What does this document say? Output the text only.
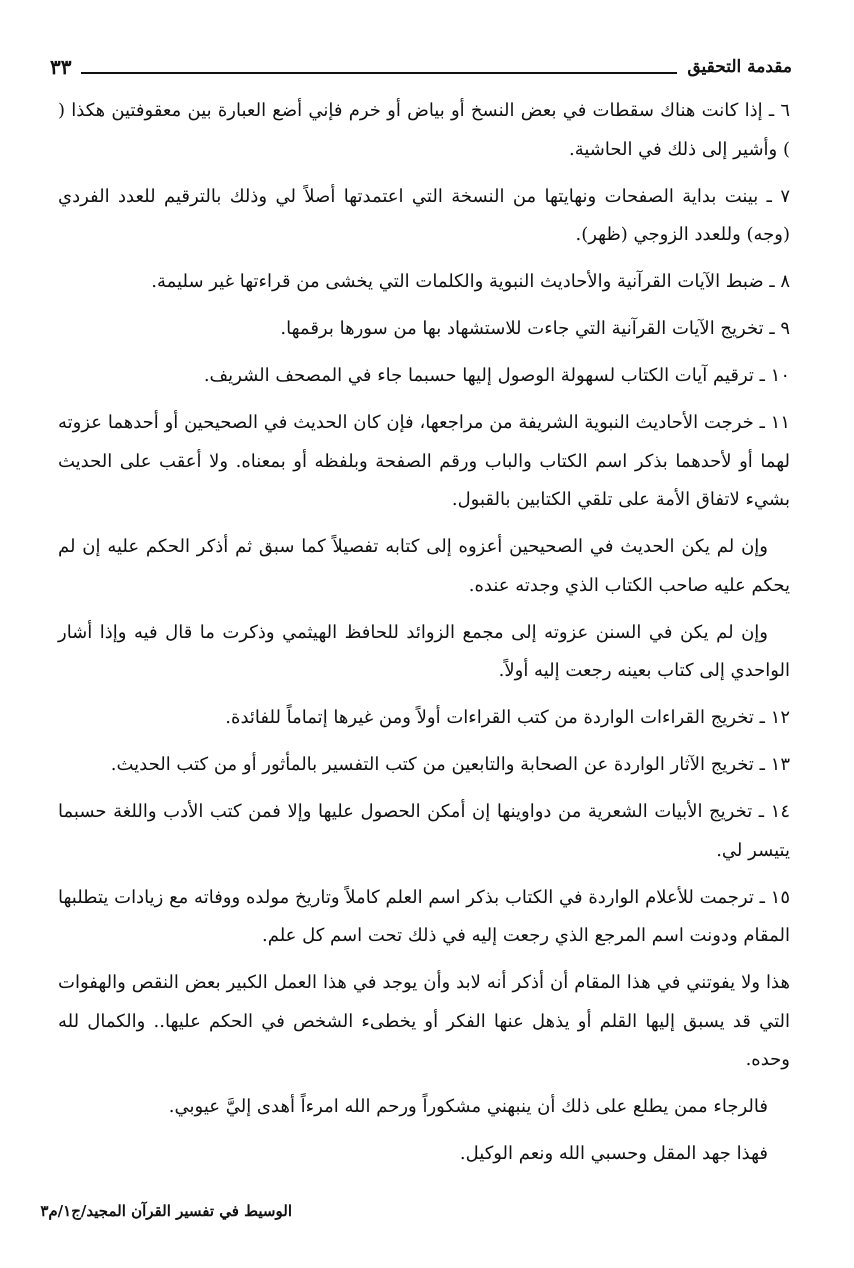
مقدمة التحقيق
٣٣

٦ ـ إذا كانت هناك سقطات في بعض النسخ أو بياض أو خرم فإني أضع العبارة بين معقوفتين هكذا ( ) وأشير إلى ذلك في الحاشية.

٧ ـ بينت بداية الصفحات ونهايتها من النسخة التي اعتمدتها أصلاً لي وذلك بالترقيم للعدد الفردي (وجه) وللعدد الزوجي (ظهر).

٨ ـ ضبط الآيات القرآنية والأحاديث النبوية والكلمات التي يخشى من قراءتها غير سليمة.

٩ ـ تخريج الآيات القرآنية التي جاءت للاستشهاد بها من سورها برقمها.

١٠ ـ ترقيم آيات الكتاب لسهولة الوصول إليها حسبما جاء في المصحف الشريف.

١١ ـ خرجت الأحاديث النبوية الشريفة من مراجعها، فإن كان الحديث في الصحيحين أو أحدهما عزوته لهما أو لأحدهما بذكر اسم الكتاب والباب ورقم الصفحة وبلفظه أو بمعناه. ولا أعقب على الحديث بشيء لاتفاق الأمة على تلقي الكتابين بالقبول.

وإن لم يكن الحديث في الصحيحين أعزوه إلى كتابه تفصيلاً كما سبق ثم أذكر الحكم عليه إن لم يحكم عليه صاحب الكتاب الذي وجدته عنده.

وإن لم يكن في السنن عزوته إلى مجمع الزوائد للحافظ الهيثمي وذكرت ما قال فيه وإذا أشار الواحدي إلى كتاب بعينه رجعت إليه أولاً.

١٢ ـ تخريج القراءات الواردة من كتب القراءات أولاً ومن غيرها إتماماً للفائدة.

١٣ ـ تخريج الآثار الواردة عن الصحابة والتابعين من كتب التفسير بالمأثور أو من كتب الحديث.

١٤ ـ تخريج الأبيات الشعرية من دواوينها إن أمكن الحصول عليها وإلا فمن كتب الأدب واللغة حسبما يتيسر لي.

١٥ ـ ترجمت للأعلام الواردة في الكتاب بذكر اسم العلم كاملاً وتاريخ مولده ووفاته مع زيادات يتطلبها المقام ودونت اسم المرجع الذي رجعت إليه في ذلك تحت اسم كل علم.

هذا ولا يفوتني في هذا المقام أن أذكر أنه لابد وأن يوجد في هذا العمل الكبير بعض النقص والهفوات التي قد يسبق إليها القلم أو يذهل عنها الفكر أو يخطىء الشخص في الحكم عليها.. والكمال لله وحده.

فالرجاء ممن يطلع على ذلك أن ينبهني مشكوراً ورحم الله امرءاً أهدى إليَّ عيوبي.

فهذا جهد المقل وحسبي الله ونعم الوكيل.

الوسيط في تفسير القرآن المجيد/ج١/م٣
